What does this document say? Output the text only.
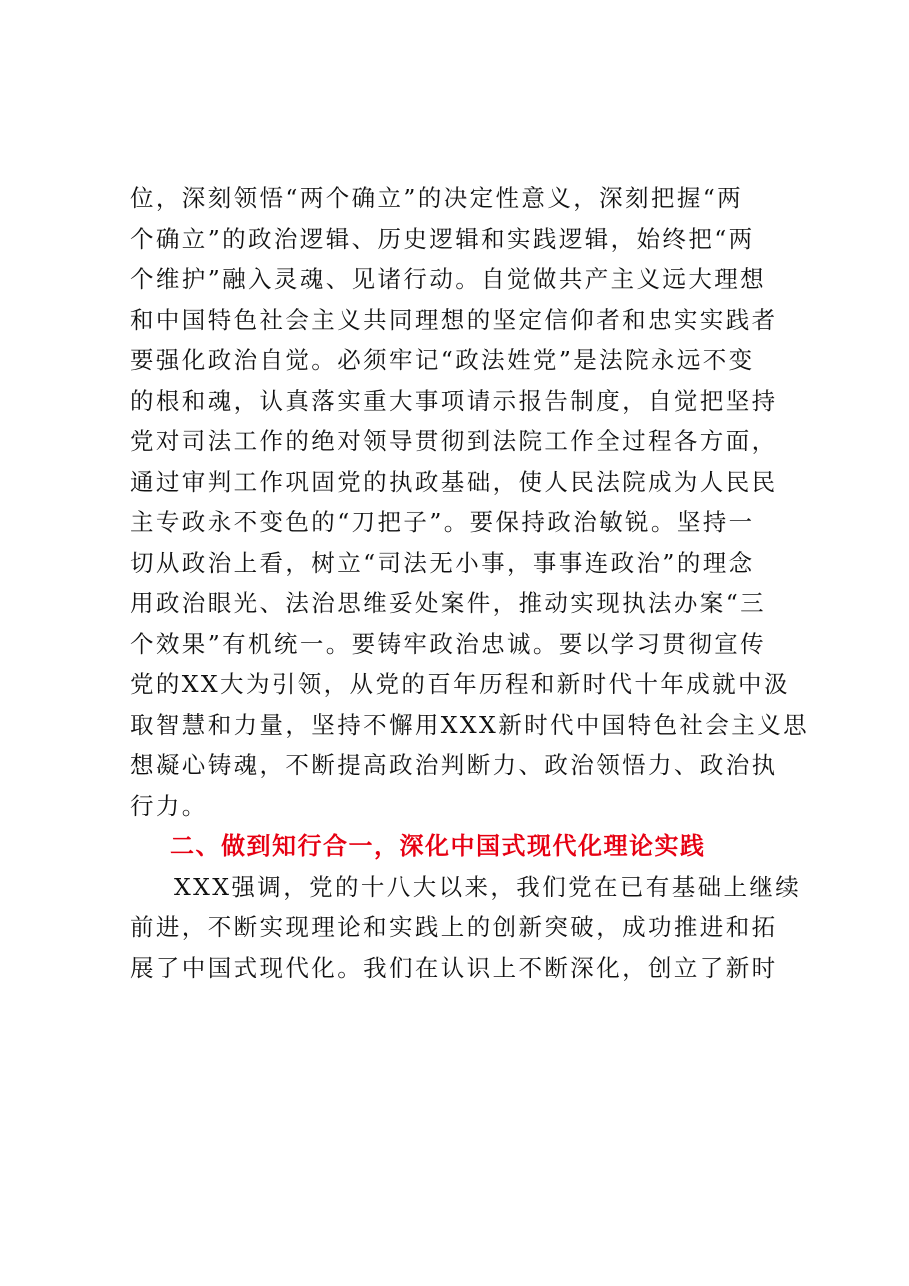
位，深刻领悟“两个确立”的决定性意义，深刻把握“两
个确立”的政治逻辑、历史逻辑和实践逻辑，始终把“两
个维护”融入灵魂、见诸行动。自觉做共产主义远大理想
和中国特色社会主义共同理想的坚定信仰者和忠实实践者
要强化政治自觉。必须牢记“政法姓党”是法院永远不变
的根和魂，认真落实重大事项请示报告制度，自觉把坚持
党对司法工作的绝对领导贯彻到法院工作全过程各方面，
通过审判工作巩固党的执政基础，使人民法院成为人民民
主专政永不变色的“刀把子”。要保持政治敏锐。坚持一
切从政治上看，树立“司法无小事，事事连政治”的理念
用政治眼光、法治思维妥处案件，推动实现执法办案“三
个效果”有机统一。要铸牢政治忠诚。要以学习贯彻宣传
党的XX大为引领，从党的百年历程和新时代十年成就中汲
取智慧和力量，坚持不懈用XXX新时代中国特色社会主义思
想凝心铸魂，不断提高政治判断力、政治领悟力、政治执
行力。
二、做到知行合一，深化中国式现代化理论实践
XXX强调，党的十八大以来，我们党在已有基础上继续
前进，不断实现理论和实践上的创新突破，成功推进和拓
展了中国式现代化。我们在认识上不断深化，创立了新时
